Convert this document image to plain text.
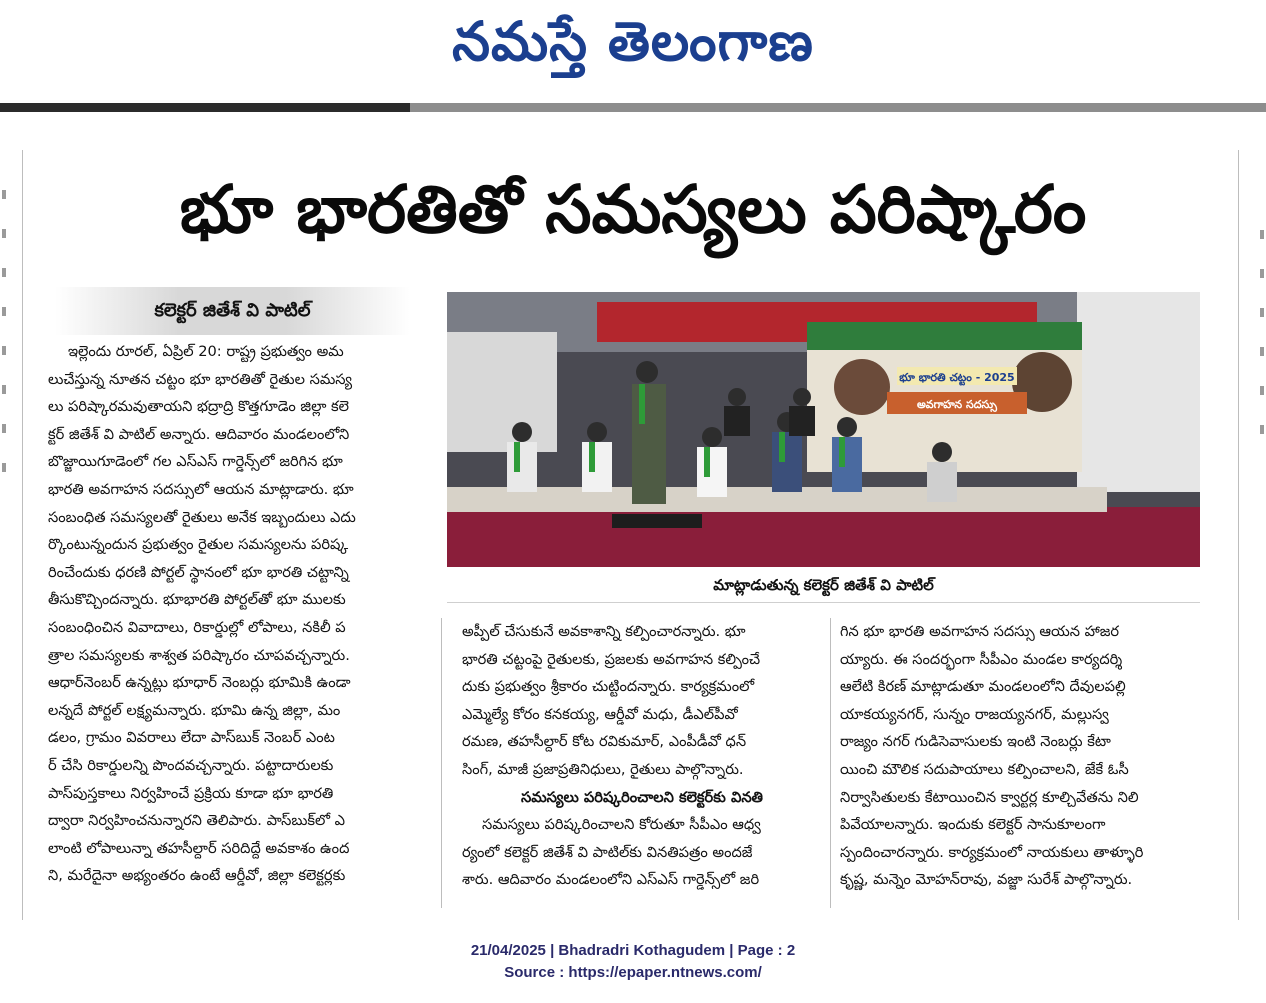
నమస్తే తెలంగాణ
భూ భారతితో సమస్యలు పరిష్కారం
కలెక్టర్ జితేశ్ వి పాటిల్
ఇల్లెందు రూరల్, ఏప్రిల్ 20: రాష్ట్ర ప్రభుత్వం అమ
లుచేస్తున్న నూతన చట్టం భూ భారతితో రైతుల సమస్య
లు పరిష్కారమవుతాయని భద్రాద్రి కొత్తగూడెం జిల్లా కలె
క్టర్ జితేశ్ వి పాటిల్ అన్నారు. ఆదివారం మండలంలోని
బొజ్జాయిగూడెంలో గల ఎస్ఎస్ గార్డెన్స్‌లో జరిగిన భూ
భారతి అవగాహన సదస్సులో ఆయన మాట్లాడారు. భూ
సంబంధిత సమస్యలతో రైతులు అనేక ఇబ్బందులు ఎదు
ర్కొంటున్నందున ప్రభుత్వం రైతుల సమస్యలను పరిష్క
రించేందుకు ధరణి పోర్టల్ స్థానంలో భూ భారతి చట్టాన్ని
తీసుకొచ్చిందన్నారు. భూభారతి పోర్టల్‌తో భూ ములకు
సంబంధించిన వివాదాలు, రికార్డుల్లో లోపాలు, నకిలీ ప
త్రాల సమస్యలకు శాశ్వత పరిష్కారం చూపవచ్చన్నారు.
ఆధార్‌నెంబర్ ఉన్నట్లు భూధార్ నెంబర్లు భూమికి ఉండా
లన్నదే పోర్టల్ లక్ష్యమన్నారు. భూమి ఉన్న జిల్లా, మం
డలం, గ్రామం వివరాలు లేదా పాస్‌బుక్ నెంబర్ ఎంట
ర్ చేసి రికార్డులన్ని పొందవచ్చన్నారు. పట్టాదారులకు
పాస్‌పుస్తకాలు నిర్వహించే ప్రక్రియ కూడా భూ భారతి
ద్వారా నిర్వహించనున్నారని తెలిపారు. పాస్‌బుక్‌లో ఎ
లాంటి లోపాలున్నా తహసీల్దార్ సరిదిద్దే అవకాశం ఉంద
ని, మరేదైనా అభ్యంతరం ఉంటే ఆర్డీవో, జిల్లా కలెక్టర్లకు
భూ భారతి చట్టం - 2025
అవగాహన సదస్సు
మాట్లాడుతున్న కలెక్టర్ జితేశ్ వి పాటిల్
అప్పీల్ చేసుకునే అవకాశాన్ని కల్పించారన్నారు. భూ
భారతి చట్టంపై రైతులకు, ప్రజలకు అవగాహన కల్పించే
దుకు ప్రభుత్వం శ్రీకారం చుట్టిందన్నారు. కార్యక్రమంలో
ఎమ్మెల్యే కోరం కనకయ్య, ఆర్డీవో మధు, డీఎల్‌పీవో
రమణ, తహసీల్దార్ కోట రవికుమార్, ఎంపీడీవో ధన్
సింగ్, మాజీ ప్రజాప్రతినిధులు, రైతులు పాల్గొన్నారు.
సమస్యలు పరిష్కరించాలని కలెక్టర్‌కు వినతి
సమస్యలు పరిష్కరించాలని కోరుతూ సీపీఎం ఆధ్వ
ర్యంలో కలెక్టర్ జితేశ్ వి పాటిల్‌కు వినతిపత్రం అందజే
శారు. ఆదివారం మండలంలోని ఎస్ఎస్ గార్డెన్స్‌లో జరి
గిన భూ భారతి అవగాహన సదస్సు ఆయన హాజర
య్యారు. ఈ సందర్భంగా సీపీఎం మండల కార్యదర్శి
ఆలేటి కిరణ్ మాట్లాడుతూ మండలంలోని దేవులపల్లి
యాకయ్యనగర్, సున్నం రాజయ్యనగర్, మల్లుస్వ
రాజ్యం నగర్ గుడిసెవాసులకు ఇంటి నెంబర్లు కేటా
యించి మౌలిక సదుపాయాలు కల్పించాలని, జేకే ఓసీ
నిర్వాసితులకు కేటాయించిన క్వార్టర్ల కూల్చివేతను నిలి
పివేయాలన్నారు. ఇందుకు కలెక్టర్ సానుకూలంగా
స్పందించారన్నారు. కార్యక్రమంలో నాయకులు తాళ్ళూరి
కృష్ణ, మన్నెం మోహన్‌రావు, వజ్జా సురేశ్ పాల్గొన్నారు.
21/04/2025 | Bhadradri Kothagudem | Page : 2
Source : https://epaper.ntnews.com/
